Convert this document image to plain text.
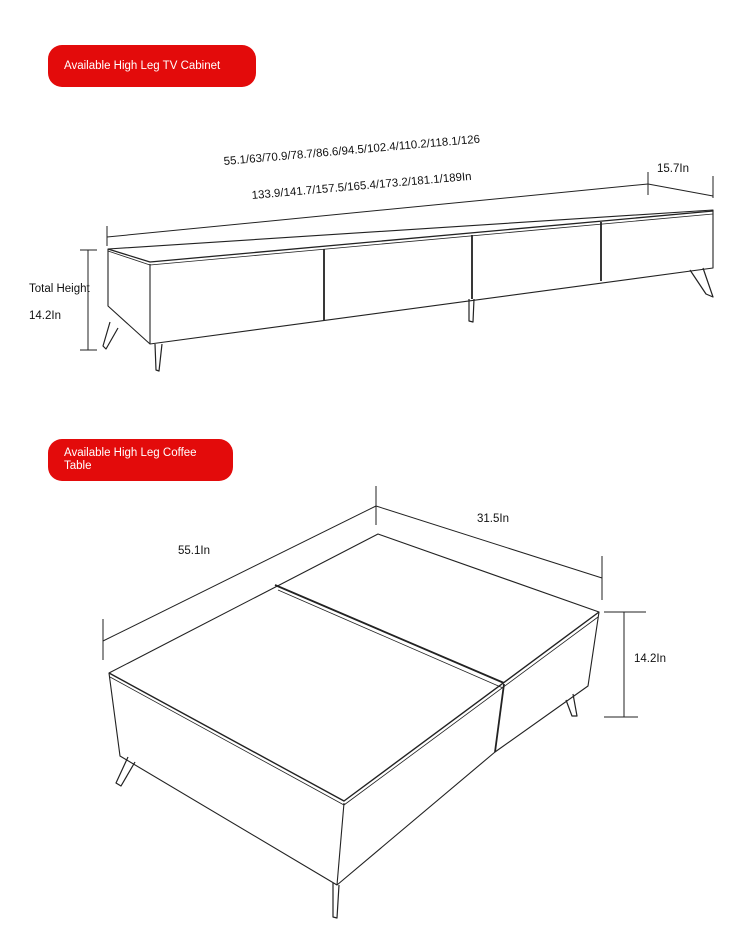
Available High Leg TV Cabinet
Available High Leg Coffee Table
55.1/63/70.9/78.7/86.6/94.5/102.4/110.2/118.1/126
133.9/141.7/157.5/165.4/173.2/181.1/189In
15.7In
Total Height
14.2In
55.1In
31.5In
14.2In
